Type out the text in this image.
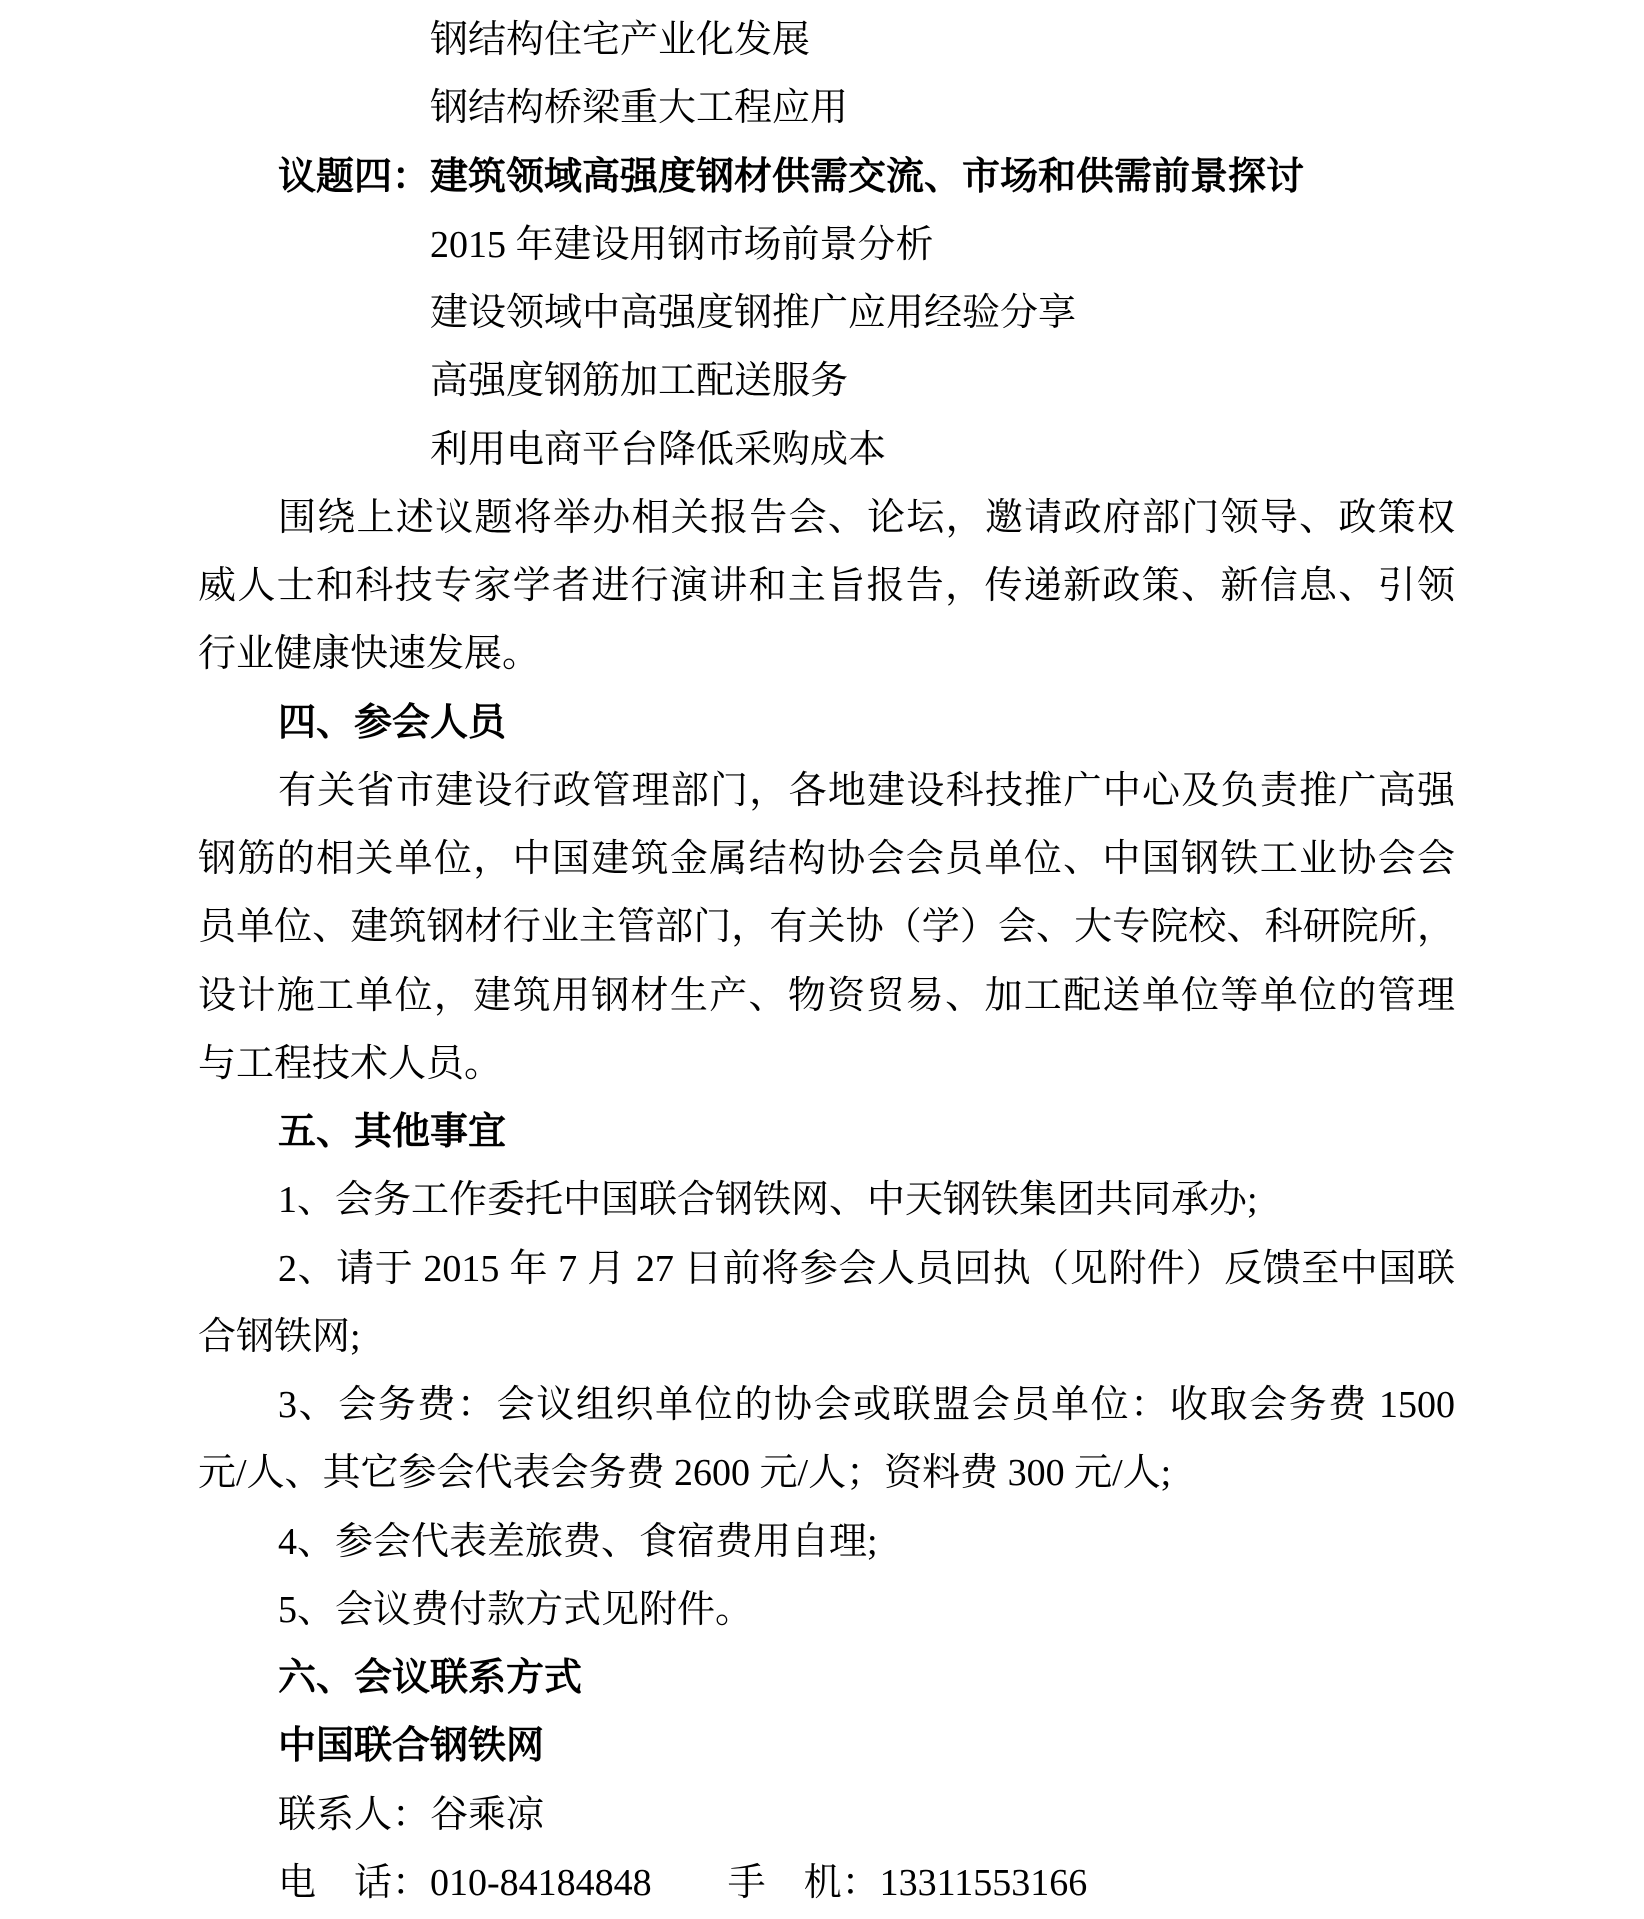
钢结构住宅产业化发展
钢结构桥梁重大工程应用
议题四：建筑领域高强度钢材供需交流、市场和供需前景探讨
2015 年建设用钢市场前景分析
建设领域中高强度钢推广应用经验分享
高强度钢筋加工配送服务
利用电商平台降低采购成本
围绕上述议题将举办相关报告会、论坛，邀请政府部门领导、政策权
威人士和科技专家学者进行演讲和主旨报告，传递新政策、新信息、引领
行业健康快速发展。
四、参会人员
有关省市建设行政管理部门，各地建设科技推广中心及负责推广高强
钢筋的相关单位，中国建筑金属结构协会会员单位、中国钢铁工业协会会
员单位、建筑钢材行业主管部门，有关协（学）会、大专院校、科研院所，
设计施工单位，建筑用钢材生产、物资贸易、加工配送单位等单位的管理
与工程技术人员。
五、其他事宜
1、会务工作委托中国联合钢铁网、中天钢铁集团共同承办;
2、请于 2015 年 7 月 27 日前将参会人员回执（见附件）反馈至中国联
合钢铁网;
3、会务费：会议组织单位的协会或联盟会员单位：收取会务费 1500
元/人、其它参会代表会务费 2600 元/人；资料费 300 元/人;
4、参会代表差旅费、食宿费用自理;
5、会议费付款方式见附件。
六、会议联系方式
中国联合钢铁网
联系人：谷乘凉
电　话：010-84184848　　手　机：13311553166
